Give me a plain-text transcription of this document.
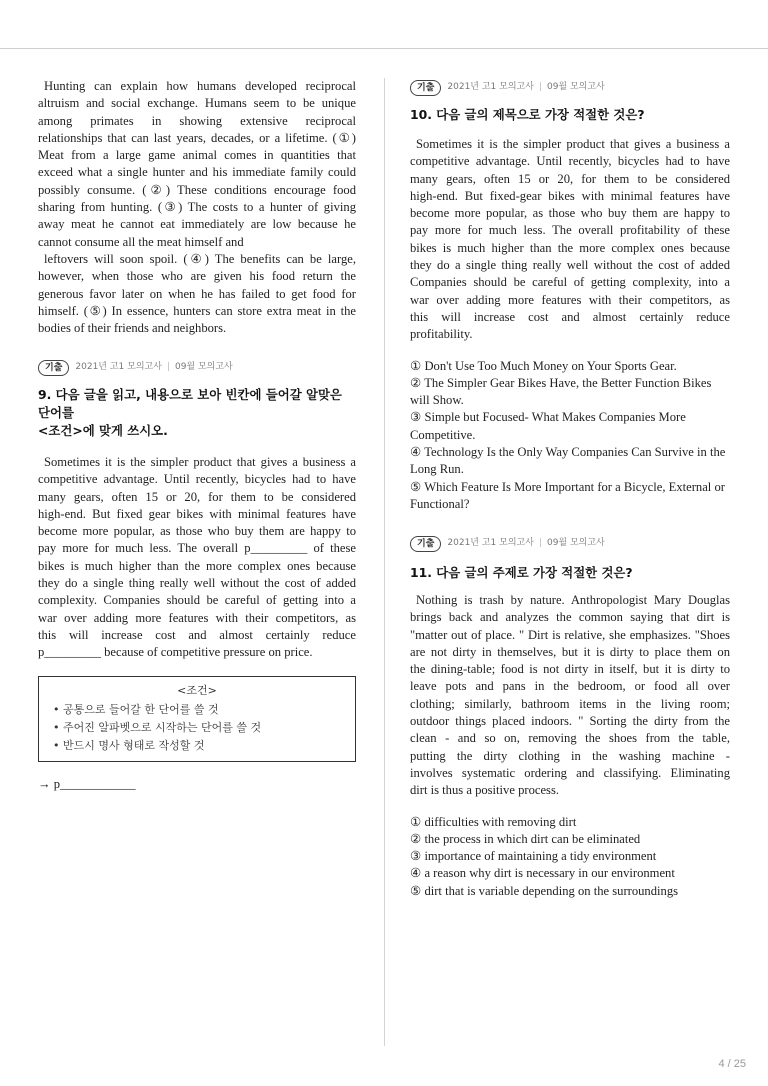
Hunting can explain how humans developed reciprocal
altruism and social exchange. Humans seem to be unique
among primates in showing extensive reciprocal
relationships that can last years, decades, or a lifetime. (①)
Meat from a large game animal comes in quantities that
exceed what a single hunter and his immediate family could
possibly consume. (②) These conditions encourage food
sharing from hunting. (③) The costs to a hunter of giving
away meat he cannot eat immediately are low because he
cannot consume all the meat himself and
leftovers will soon spoil. (④) The benefits can be large,
however, when those who are given his food return the
generous favor later on when he has failed to get food for
himself. (⑤) In essence, hunters can store extra meat in the
bodies of their friends and neighbors.
기출	2021년 고1 모의고사 | 09월 모의고사
9. 다음 글을 읽고, 내용으로 보아 빈칸에 들어갈 알맞은 단어를
<조건>에 맞게 쓰시오.
Sometimes it is the simpler product that gives a business a
competitive advantage. Until recently, bicycles had to have
many gears, often 15 or 20, for them to be considered
high-end. But fixed gear bikes with minimal features have
become more popular, as those who buy them are happy to
pay more for much less. The overall p_________ of these
bikes is much higher than the more complex ones because
they do a single thing really well without the cost of added
complexity. Companies should be careful of getting into a
war over adding more features with their competitors, as
this will increase cost and almost certainly reduce
p_________ because of competitive pressure on price.
<조건>
• 공통으로 들어갈 한 단어를 쓸 것
• 주어진 알파벳으로 시작하는 단어를 쓸 것
• 반드시 명사 형태로 작성할 것
→ p____________
기출	2021년 고1 모의고사 | 09월 모의고사
10. 다음 글의 제목으로 가장 적절한 것은?
Sometimes it is the simpler product that gives a business a
competitive advantage. Until recently, bicycles had to have
many gears, often 15 or 20, for them to be considered
high-end. But fixed-gear bikes with minimal features have
become more popular, as those who buy them are happy to
pay more for much less. The overall profitability of these
bikes is much higher than the more complex ones because
they do a single thing really well without the cost of added
Companies should be careful of getting complexity, into a
war over adding more features with their competitors, as
this will increase cost and almost certainly reduce
profitability.
① Don't Use Too Much Money on Your Sports Gear.
② The Simpler Gear Bikes Have, the Better Function Bikes will Show.
③ Simple but Focused- What Makes Companies More Competitive.
④ Technology Is the Only Way Companies Can Survive in the Long Run.
⑤ Which Feature Is More Important for a Bicycle, External or Functional?
기출	2021년 고1 모의고사 | 09월 모의고사
11. 다음 글의 주제로 가장 적절한 것은?
Nothing is trash by nature. Anthropologist Mary Douglas
brings back and analyzes the common saying that dirt is
"matter out of place. " Dirt is relative, she emphasizes. "Shoes
are not dirty in themselves, but it is dirty to place them on
the dining-table; food is not dirty in itself, but it is dirty to
leave pots and pans in the bedroom, or food all over
clothing; similarly, bathroom items in the living room;
outdoor things placed indoors. " Sorting the dirty from the
clean - and so on, removing the shoes from the table,
putting the dirty clothing in the washing machine -
involves systematic ordering and classifying. Eliminating
dirt is thus a positive process.
① difficulties with removing dirt
② the process in which dirt can be eliminated
③ importance of maintaining a tidy environment
④ a reason why dirt is necessary in our environment
⑤ dirt that is variable depending on the surroundings
4 / 25
